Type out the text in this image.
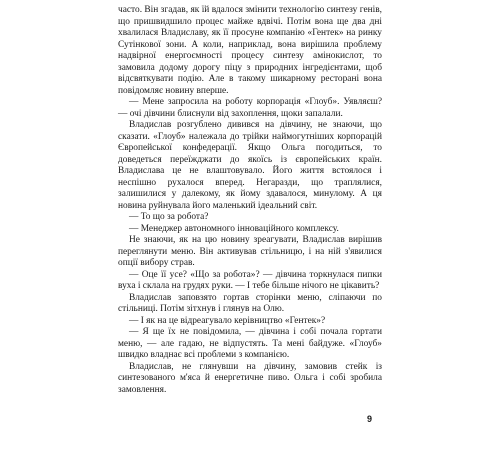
часто. Він згадав, як їй вдалося змінити технологію синтезу генів, що пришвидшило процес майже вдвічі. Потім вона ще два дні хвалилася Владиславу, як її просуне компанію «Гентек» на ринку Сутінкової зони. А коли, наприклад, вона вирішила проблему надвірної енергоємності процесу синтезу амінокислот, то замовила додому дорогу піцу з природних інгредієнтами, щоб відсвяткувати подію. Але в такому шикарному ресторані вона повідомляє новину вперше.

— Мене запросила на роботу корпорація «Глоуб». Уявляєш? — очі дівчини блиснули від захоплення, щоки запалали.

Владислав розгублено дивився на дівчину, не знаючи, що сказати. «Глоуб» належала до трійки наймогутніших корпорацій Європейської конфедерації. Якщо Ольга погодиться, то доведеться переїжджати до якоїсь із європейських країн. Владислава це не влаштовувало. Його життя встоялося і неспішно рухалося вперед. Негаразди, що траплялися, залишилися у далекому, як йому здавалося, минулому. А ця новина руйнувала його маленький ідеальний світ.

— То що за робота?

— Менеджер автономного інноваційного комплексу.

Не знаючи, як на цю новину зреагувати, Владислав вирішив переглянути меню. Він активував стільницю, і на ній з'явилися опції вибору страв.

— Оце її усе? «Що за робота»? — дівчина торкнулася пипки вуха і склала на грудях руки. — І тебе більше нічого не цікавить?

Владислав заповзято гортав сторінки меню, сліпаючи по стільниці. Потім зітхнув і глянув на Олю.

— І як на це відреагувало керівництво «Гентек»?

— Я ще їх не повідомила, — дівчина і собі почала гортати меню, — але гадаю, не відпустять. Та мені байдуже. «Глоуб» швидко владнає всі проблеми з компанією.

Владислав, не глянувши на дівчину, замовив стейк із синтезованого м'яса й енергетичне пиво. Ольга і собі зробила замовлення.

9
